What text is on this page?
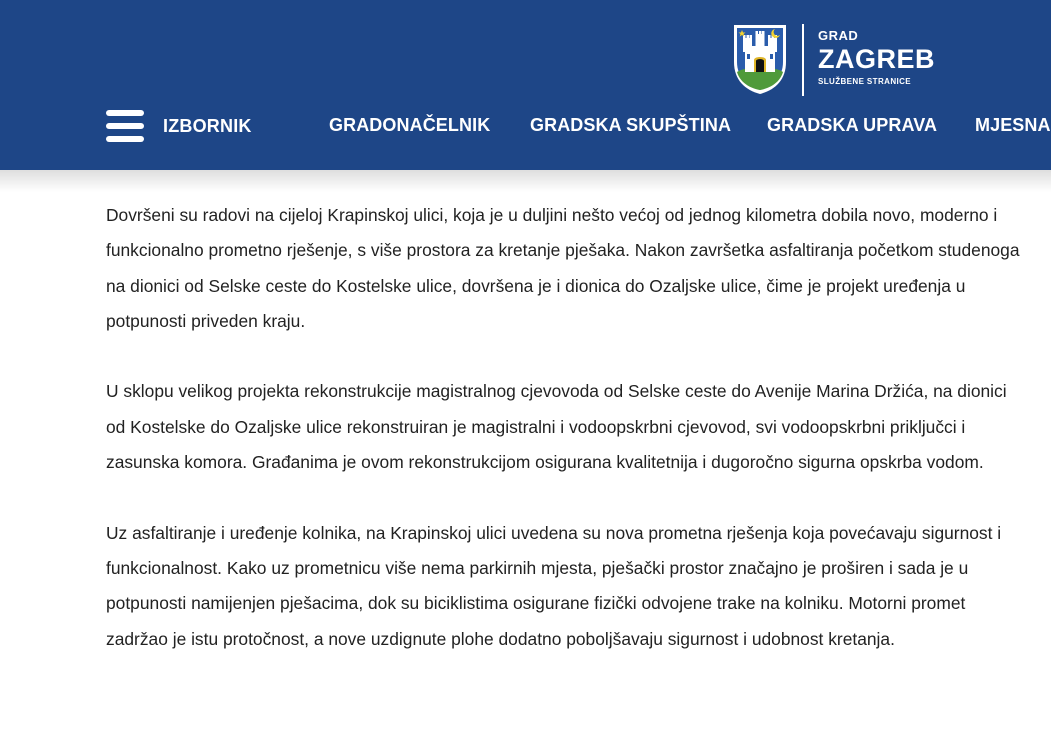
GRAD
ZAGREB
SLUŽBENE STRANICE
IZBORNIK	GRADONAČELNIK GRADSKA SKUPŠTINA GRADSKA UPRAVA MJESNA

Dovršeni su radovi na cijeloj Krapinskoj ulici, koja je u duljini nešto većoj od jednog kilometra dobila novo, moderno i funkcionalno prometno rješenje, s više prostora za kretanje pješaka. Nakon završetka asfaltiranja početkom studenoga na dionici od Selske ceste do Kostelske ulice, dovršena je i dionica do Ozaljske ulice, čime je projekt uređenja u potpunosti priveden kraju.

U sklopu velikog projekta rekonstrukcije magistralnog cjevovoda od Selske ceste do Avenije Marina Držića, na dionici od Kostelske do Ozaljske ulice rekonstruiran je magistralni i vodoopskrbni cjevovod, svi vodoopskrbni priključci i zasunska komora. Građanima je ovom rekonstrukcijom osigurana kvalitetnija i dugoročno sigurna opskrba vodom.

Uz asfaltiranje i uređenje kolnika, na Krapinskoj ulici uvedena su nova prometna rješenja koja povećavaju sigurnost i funkcionalnost. Kako uz prometnicu više nema parkirnih mjesta, pješački prostor značajno je proširen i sada je u potpunosti namijenjen pješacima, dok su biciklistima osigurane fizički odvojene trake na kolniku. Motorni promet zadržao je istu protočnost, a nove uzdignute plohe dodatno poboljšavaju sigurnost i udobnost kretanja.
